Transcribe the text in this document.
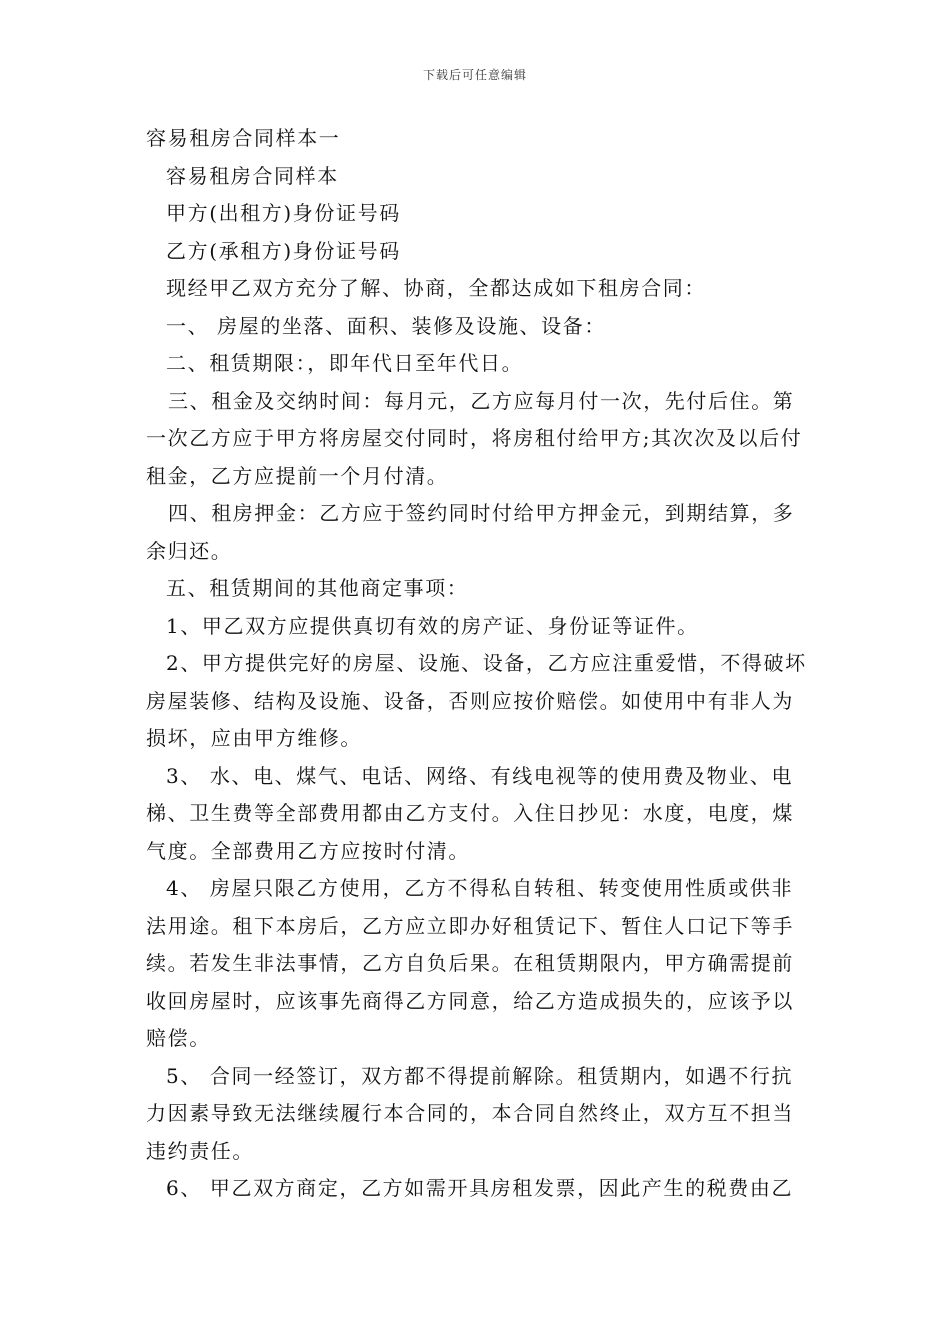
下载后可任意编辑

容易租房合同样本一

容易租房合同样本

甲方(出租方)身份证号码

乙方(承租方)身份证号码

现经甲乙双方充分了解、协商，全都达成如下租房合同：

一、 房屋的坐落、面积、装修及设施、设备：

二、租赁期限：，即年代日至年代日。

三、租金及交纳时间：每月元，乙方应每月付一次，先付后住。第一次乙方应于甲方将房屋交付同时，将房租付给甲方;其次次及以后付租金，乙方应提前一个月付清。

四、租房押金：乙方应于签约同时付给甲方押金元，到期结算，多余归还。

五、租赁期间的其他商定事项：

1、甲乙双方应提供真切有效的房产证、身份证等证件。

2、甲方提供完好的房屋、设施、设备，乙方应注重爱惜，不得破坏房屋装修、结构及设施、设备，否则应按价赔偿。如使用中有非人为损坏，应由甲方维修。

3、 水、电、煤气、电话、网络、有线电视等的使用费及物业、电梯、卫生费等全部费用都由乙方支付。入住日抄见：水度，电度，煤气度。全部费用乙方应按时付清。

4、 房屋只限乙方使用，乙方不得私自转租、转变使用性质或供非法用途。租下本房后，乙方应立即办好租赁记下、暂住人口记下等手续。若发生非法事情，乙方自负后果。在租赁期限内，甲方确需提前收回房屋时，应该事先商得乙方同意，给乙方造成损失的，应该予以赔偿。

5、 合同一经签订，双方都不得提前解除。租赁期内，如遇不行抗力因素导致无法继续履行本合同的，本合同自然终止，双方互不担当违约责任。

6、 甲乙双方商定，乙方如需开具房租发票，因此产生的税费由乙
